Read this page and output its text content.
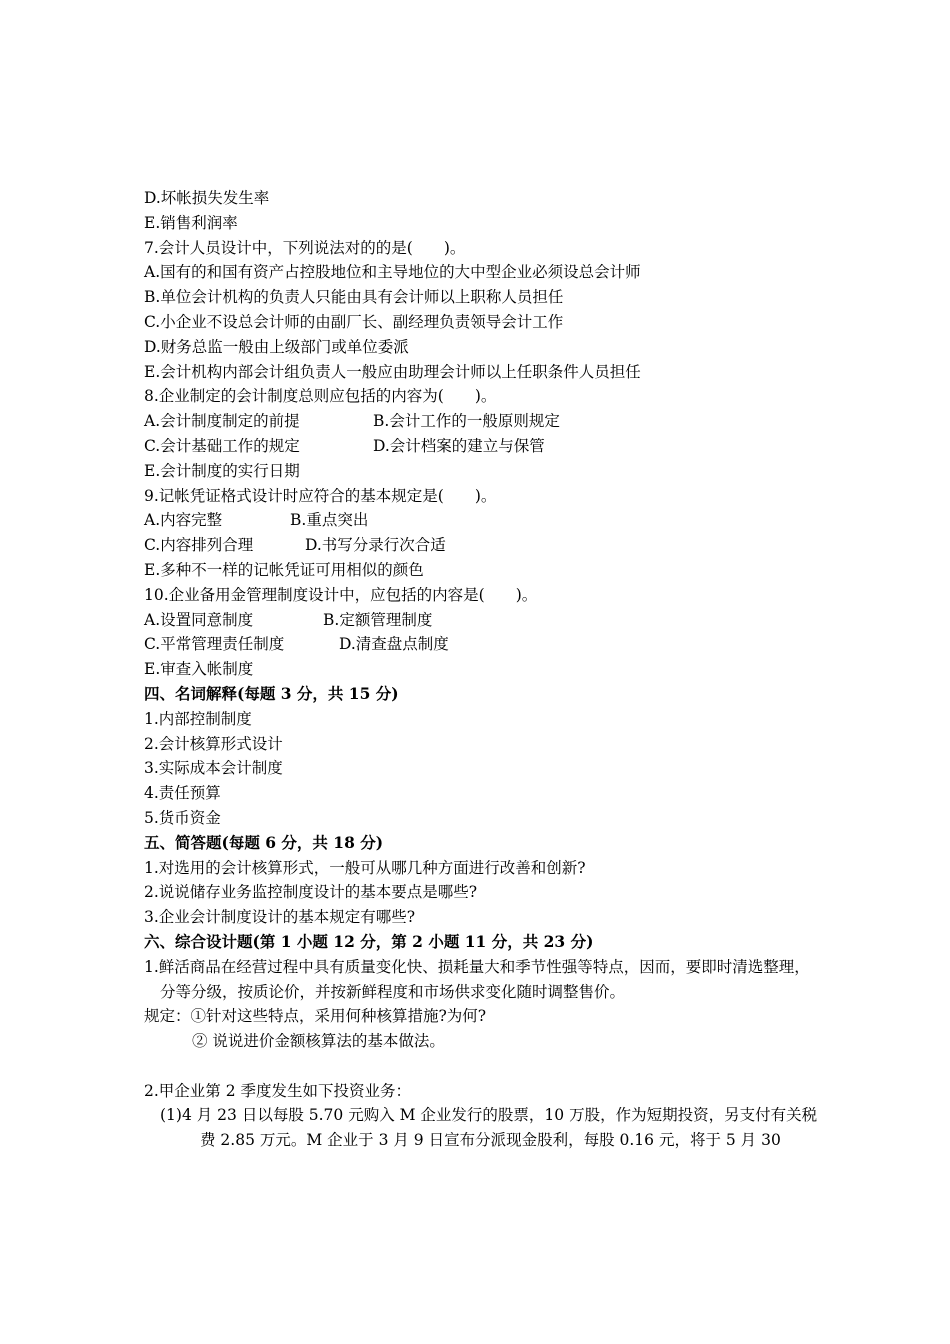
D.坏帐损失发生率
E.销售利润率
7.会计人员设计中，下列说法对的的是(　　)。
A.国有的和国有资产占控股地位和主导地位的大中型企业必须设总会计师
B.单位会计机构的负责人只能由具有会计师以上职称人员担任
C.小企业不设总会计师的由副厂长、副经理负责领导会计工作
D.财务总监一般由上级部门或单位委派
E.会计机构内部会计组负责人一般应由助理会计师以上任职条件人员担任
8.企业制定的会计制度总则应包括的内容为(　　)。
A.会计制度制定的前提	B.会计工作的一般原则规定
C.会计基础工作的规定	D.会计档案的建立与保管
E.会计制度的实行日期
9.记帐凭证格式设计时应符合的基本规定是(　　)。
A.内容完整	B.重点突出
C.内容排列合理	D.书写分录行次合适
E.多种不一样的记帐凭证可用相似的颜色
10.企业备用金管理制度设计中，应包括的内容是(　　)。
A.设置同意制度	B.定额管理制度
C.平常管理责任制度	D.清查盘点制度
E.审查入帐制度
四、名词解释(每题 3 分，共 15 分)
1.内部控制制度
2.会计核算形式设计
3.实际成本会计制度
4.责任预算
5.货币资金
五、简答题(每题 6 分，共 18 分)
1.对选用的会计核算形式，一般可从哪几种方面进行改善和创新?
2.说说储存业务监控制度设计的基本要点是哪些?
3.企业会计制度设计的基本规定有哪些?
六、综合设计题(第 1 小题 12 分，第 2 小题 11 分，共 23 分)
1.鲜活商品在经营过程中具有质量变化快、损耗量大和季节性强等特点，因而，要即时清选整理，分等分级，按质论价，并按新鲜程度和市场供求变化随时调整售价。
规定：①针对这些特点，采用何种核算措施?为何?
② 说说进价金额核算法的基本做法。
2.甲企业第 2 季度发生如下投资业务：
(1)4 月 23 日以每股 5.70 元购入 M 企业发行的股票，10 万股，作为短期投资，另支付有关税费 2.85 万元。M 企业于 3 月 9 日宣布分派现金股利，每股 0.16 元，将于 5 月 30
